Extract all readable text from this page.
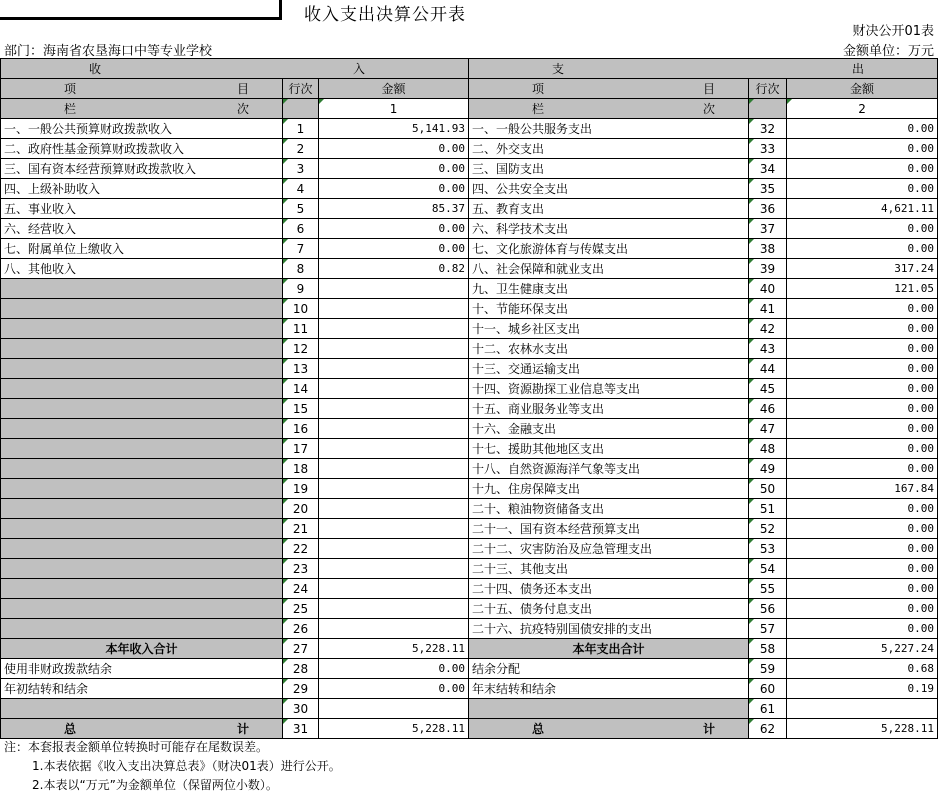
收入支出决算公开表
财决公开01表
部门：海南省农垦海口中等专业学校	金额单位：万元
收 入			支 出		

项 目	行次	金额	项 目	行次	金额

栏 次		1	栏 次		2
一、一般公共预算财政拨款收入	1	5,141.93	一、一般公共服务支出	32	0.00
二、政府性基金预算财政拨款收入	2	0.00	二、外交支出	33	0.00
三、国有资本经营预算财政拨款收入	3	0.00	三、国防支出	34	0.00
四、上级补助收入	4	0.00	四、公共安全支出	35	0.00
五、事业收入	5	85.37	五、教育支出	36	4,621.11
六、经营收入	6	0.00	六、科学技术支出	37	0.00
七、附属单位上缴收入	7	0.00	七、文化旅游体育与传媒支出	38	0.00
八、其他收入	8	0.82	八、社会保障和就业支出	39	317.24
	9		九、卫生健康支出	40	121.05
	10		十、节能环保支出	41	0.00
	11		十一、城乡社区支出	42	0.00
	12		十二、农林水支出	43	0.00
	13		十三、交通运输支出	44	0.00
	14		十四、资源勘探工业信息等支出	45	0.00
	15		十五、商业服务业等支出	46	0.00
	16		十六、金融支出	47	0.00
	17		十七、援助其他地区支出	48	0.00
	18		十八、自然资源海洋气象等支出	49	0.00
	19		十九、住房保障支出	50	167.84
	20		二十、粮油物资储备支出	51	0.00
	21		二十一、国有资本经营预算支出	52	0.00
	22		二十二、灾害防治及应急管理支出	53	0.00
	23		二十三、其他支出	54	0.00
	24		二十四、债务还本支出	55	0.00
	25		二十五、债务付息支出	56	0.00
	26		二十六、抗疫特别国债安排的支出	57	0.00
本年收入合计	27	5,228.11	本年支出合计	58	5,227.24
使用非财政拨款结余	28	0.00	结余分配	59	0.68
年初结转和结余	29	0.00	年末结转和结余	60	0.19
	30			61	

总 计	31	5,228.11	总 计	62	5,228.11
注：本套报表金额单位转换时可能存在尾数误差。
1.本表依据《收入支出决算总表》（财决01表）进行公开。
2.本表以“万元”为金额单位（保留两位小数）。
